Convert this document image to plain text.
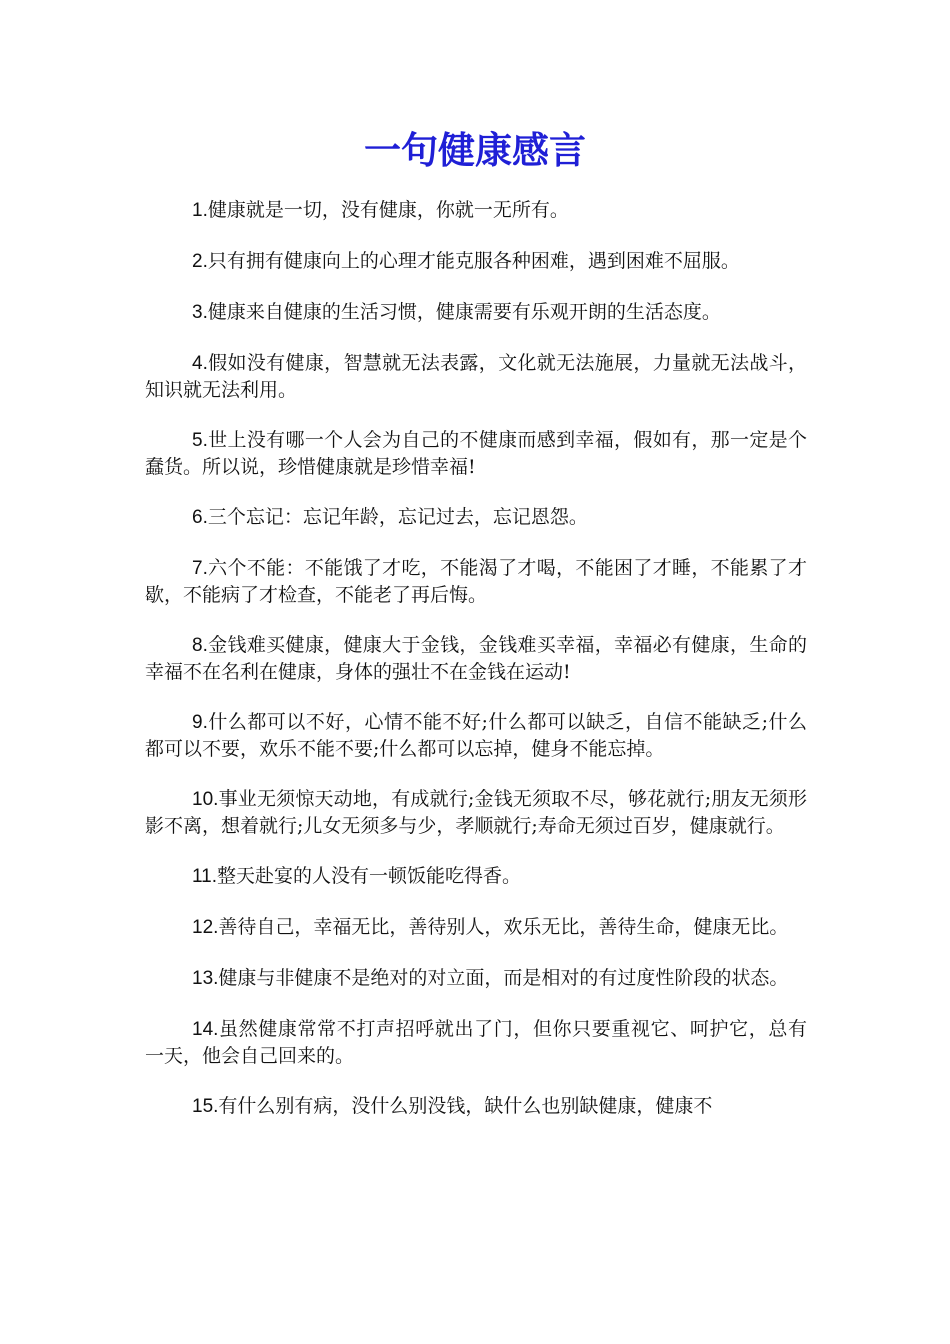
一句健康感言

1.健康就是一切，没有健康，你就一无所有。

2.只有拥有健康向上的心理才能克服各种困难，遇到困难不屈服。

3.健康来自健康的生活习惯，健康需要有乐观开朗的生活态度。

4.假如没有健康，智慧就无法表露，文化就无法施展，力量就无法战斗，知识就无法利用。

5.世上没有哪一个人会为自己的不健康而感到幸福，假如有，那一定是个蠢货。所以说，珍惜健康就是珍惜幸福!

6.三个忘记：忘记年龄，忘记过去，忘记恩怨。

7.六个不能：不能饿了才吃，不能渴了才喝，不能困了才睡，不能累了才歇，不能病了才检查，不能老了再后悔。

8.金钱难买健康，健康大于金钱，金钱难买幸福，幸福必有健康，生命的幸福不在名利在健康，身体的强壮不在金钱在运动!

9.什么都可以不好，心情不能不好;什么都可以缺乏，自信不能缺乏;什么都可以不要，欢乐不能不要;什么都可以忘掉，健身不能忘掉。

10.事业无须惊天动地，有成就行;金钱无须取不尽，够花就行;朋友无须形影不离，想着就行;儿女无须多与少，孝顺就行;寿命无须过百岁，健康就行。

11.整天赴宴的人没有一顿饭能吃得香。

12.善待自己，幸福无比，善待别人，欢乐无比，善待生命，健康无比。

13.健康与非健康不是绝对的对立面，而是相对的有过度性阶段的状态。

14.虽然健康常常不打声招呼就出了门，但你只要重视它、呵护它，总有一天，他会自己回来的。

15.有什么别有病，没什么别没钱，缺什么也别缺健康，健康不
